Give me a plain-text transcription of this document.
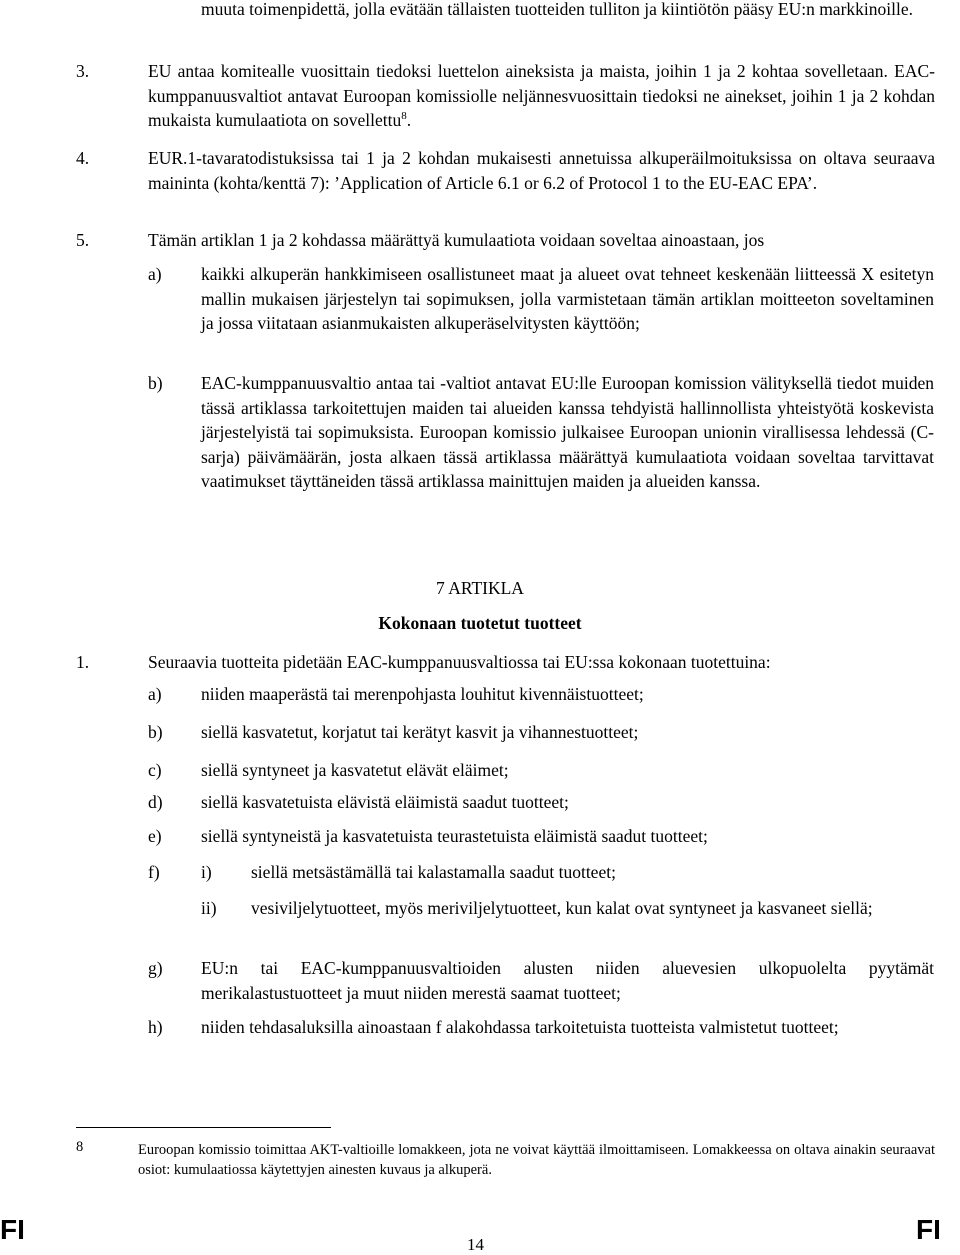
muuta toimenpidettä, jolla evätään tällaisten tuotteiden tulliton ja kiintiötön pääsy EU:n markkinoille.
3.	EU antaa komitealle vuosittain tiedoksi luettelon aineksista ja maista, joihin 1 ja 2 kohtaa sovelletaan. EAC-kumppanuusvaltiot antavat Euroopan komissiolle neljännesvuosittain tiedoksi ne ainekset, joihin 1 ja 2 kohdan mukaista kumulaatiota on sovellettu$^8$.
4.	EUR.1-tavaratodistuksissa tai 1 ja 2 kohdan mukaisesti annetuissa alkuperäilmoituksissa on oltava seuraava maininta (kohta/kenttä 7): ’Application of Article 6.1 or 6.2 of Protocol 1 to the EU-EAC EPA’.
5.	Tämän artiklan 1 ja 2 kohdassa määrättyä kumulaatiota voidaan soveltaa ainoastaan, jos
a) kaikki alkuperän hankkimiseen osallistuneet maat ja alueet ovat tehneet keskenään liitteessä X esitetyn mallin mukaisen järjestelyn tai sopimuksen, jolla varmistetaan tämän artiklan moitteeton soveltaminen ja jossa viitataan asianmukaisten alkuperäselvitysten käyttöön;
b) EAC-kumppanuusvaltio antaa tai -valtiot antavat EU:lle Euroopan komission välityksellä tiedot muiden tässä artiklassa tarkoitettujen maiden tai alueiden kanssa tehdyistä hallinnollista yhteistyötä koskevista järjestelyistä tai sopimuksista. Euroopan komissio julkaisee Euroopan unionin virallisessa lehdessä (C-sarja) päivämäärän, josta alkaen tässä artiklassa määrättyä kumulaatiota voidaan soveltaa tarvittavat vaatimukset täyttäneiden tässä artiklassa mainittujen maiden ja alueiden kanssa.
7 ARTIKLA
Kokonaan tuotetut tuotteet
1.	Seuraavia tuotteita pidetään EAC-kumppanuusvaltiossa tai EU:ssa kokonaan tuotettuina:
a) niiden maaperästä tai merenpohjasta louhitut kivennäistuotteet;
b) siellä kasvatetut, korjatut tai kerätyt kasvit ja vihannestuotteet;
c) siellä syntyneet ja kasvatetut elävät eläimet;
d) siellä kasvatetuista elävistä eläimistä saadut tuotteet;
e) siellä syntyneistä ja kasvatetuista teurastetuista eläimistä saadut tuotteet;
f) i) siellä metsästämällä tai kalastamalla saadut tuotteet;
ii) vesiviljelytuotteet, myös meriviljelytuotteet, kun kalat ovat syntyneet ja kasvaneet siellä;
g) EU:n tai EAC-kumppanuusvaltioiden alusten niiden aluevesien ulkopuolelta pyytämät merikalastustuotteet ja muut niiden merestä saamat tuotteet;
h) niiden tehdasaluksilla ainoastaan f alakohdassa tarkoitetuista tuotteista valmistetut tuotteet;
8	Euroopan komissio toimittaa AKT-valtioille lomakkeen, jota ne voivat käyttää ilmoittamiseen. Lomakkeessa on oltava ainakin seuraavat osiot: kumulaatiossa käytettyjen ainesten kuvaus ja alkuperä.
FI	14	FI
